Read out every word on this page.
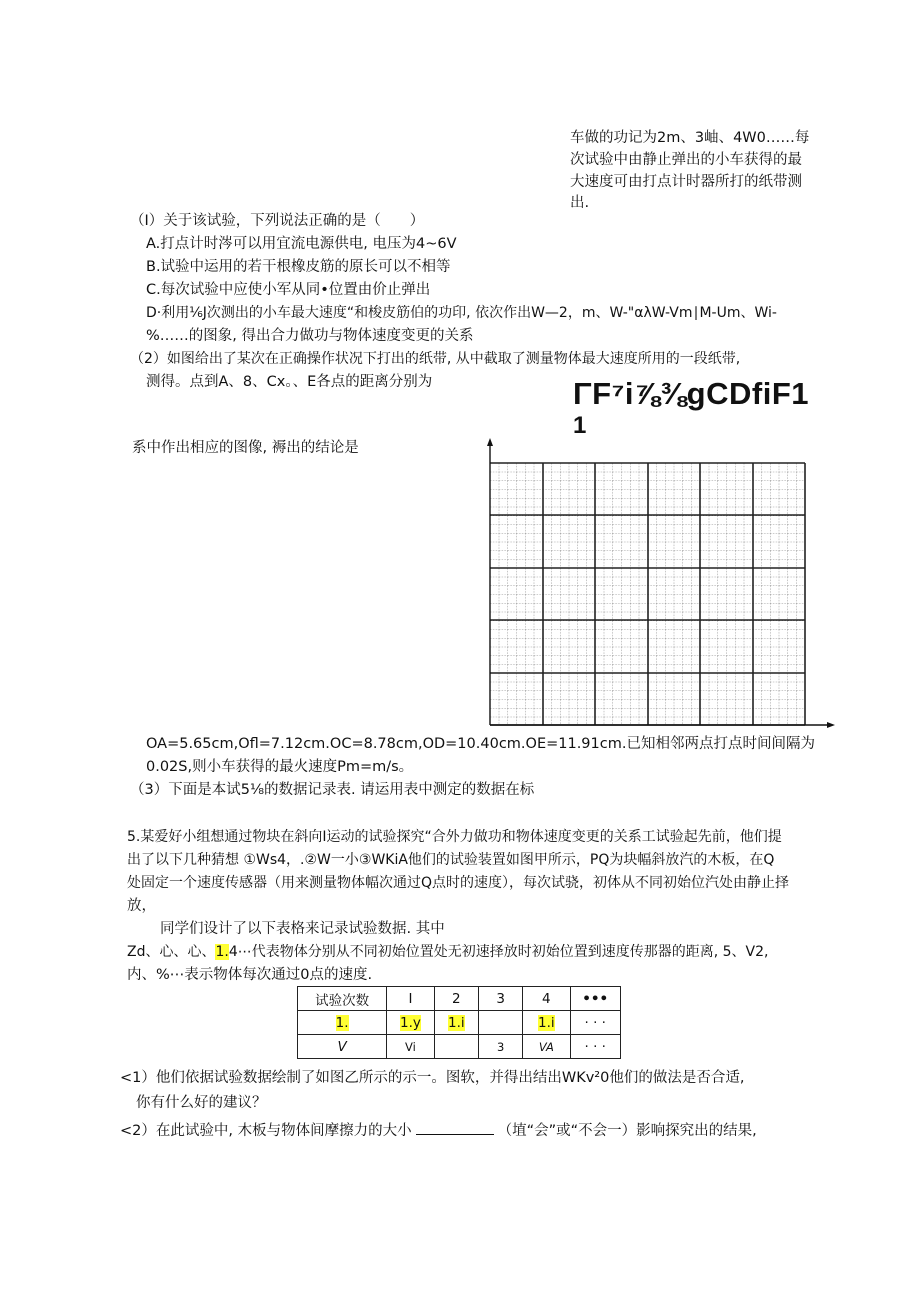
车做的功记为2m、3岫、4W0……每
次试验中由静止弹出的小车获得的最
大速度可由打点计时器所打的纸带测
出.
（I）关于该试验，下列说法正确的是（　　）
A.打点计时涔可以用宜流电源供电, 电压为4~6V
B.试验中运用的若干根橡皮筋的原长可以不相等
C.每次试验中应使小军从同•位置由价止弹出
D·利用⅙J次测出的小车最大速度“和梭皮筋伯的功印, 依次作出W—2，m、W-"αλW-Vm∣M-Um、Wi-
%……的图象, 得出合力做功与物体速度变更的关系
（2）如图给出了某次在正确操作状况下打出的纸带, 从中截取了测量物体最大速度所用的一段纸带,
测得。点到A、8、Cx。、E各点的距离分别为	ΓF⁷i⅞⅜gCDfiF1
1
系中作出相应的图像, 褥出的结论是
OA=5.65cm,Ofl=7.12cm.OC=8.78cm,OD=10.40cm.OE=11.91cm.已知相邻两点打点时间间隔为
0.02S,则小车获得的最火速度Pm=m/s。
（3）下面是本试5⅛的数据记录表. 请运用表中测定的数据在标
5.某爱好小组想通过物块在斜向I运动的试验探究“合外力做功和物体速度变更的关系工试验起先前，他们提
出了以下几种猜想 ①Ws4，.②W一小③WKiA他们的试验装置如图甲所示，PQ为块幅斜放汽的木板，在Q
处固定一个速度传感器（用来测量物体幅次通过Q点时的速度），每次试骁，初体从不同初始位汽处由静止择
放，
同学们设计了以下表格来记录试验数据. 其中
Zd、心、心、1.4⋯代表物体分别从不同初始位置处无初速择放时初始位置到速度传那器的距离, 5、V2,
内、%⋯表示物体每次通过0点的速度.
试验次数	I	2	3	4	•••
1.	1.y	1.i		1.i	· · ·
V	Vi		3	VA	· · ·
<1）他们依据试验数据绘制了如图乙所示的示一。图软，并得出结出WKv²0他们的做法是否合适,
你有什么好的建议？
<2）在此试验中, 木板与物体间摩擦力的大小	（埴“会”或“不会一）影响探究出的结果,
